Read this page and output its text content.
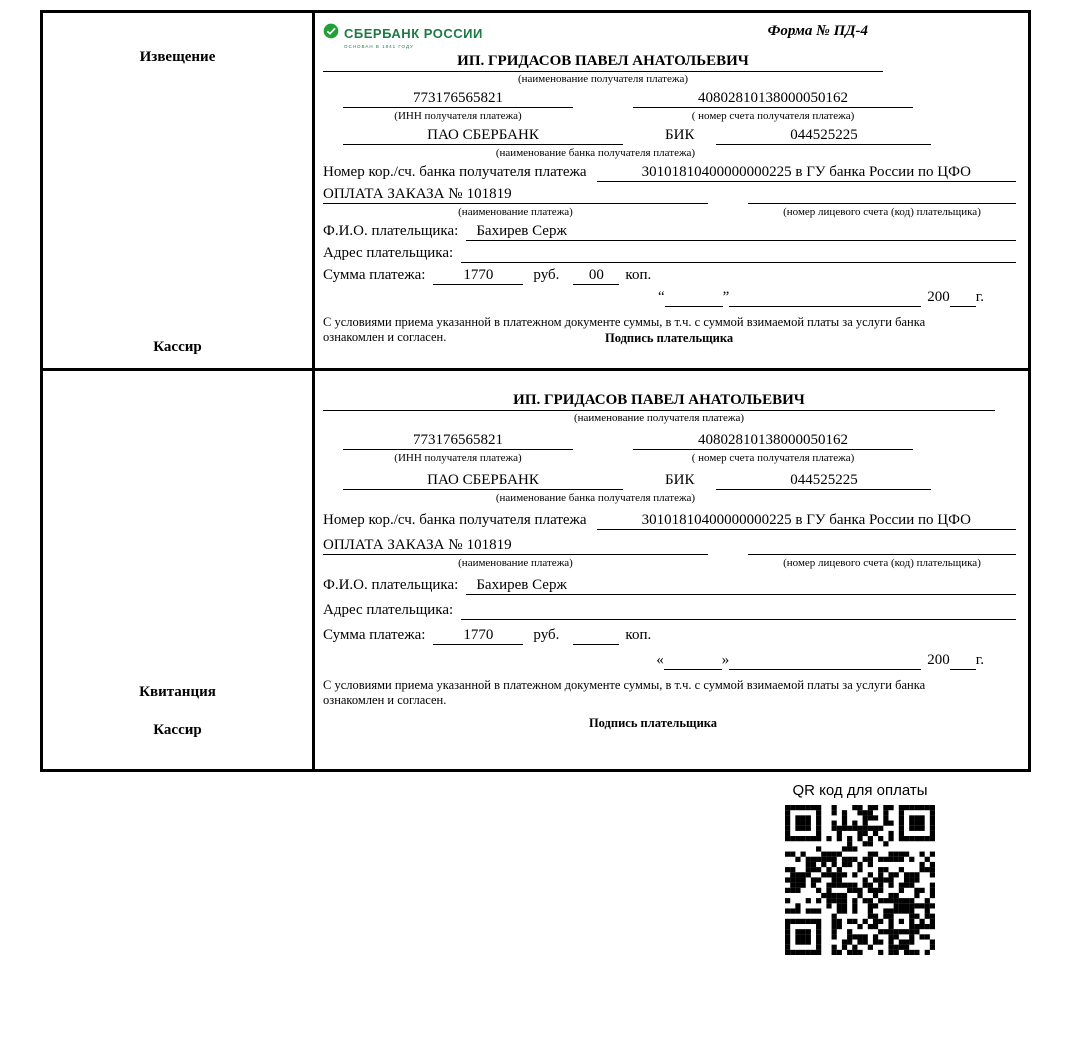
Извещение
Кассир
СБЕРБАНК РОССИИ
ОСНОВАН В 1841 ГОДУ
Форма № ПД-4
ИП. ГРИДАСОВ ПАВЕЛ АНАТОЛЬЕВИЧ
(наименование получателя платежа)
773176565821	40802810138000050162
(ИНН получателя платежа)	( номер счета получателя платежа)
ПАО СБЕРБАНК	БИК	044525225
(наименование банка получателя платежа)
Номер кор./сч. банка получателя платежа	30101810400000000225 в ГУ банка России по ЦФО
ОПЛАТА ЗАКАЗА № 101819
(наименование платежа)	(номер лицевого счета (код) плательщика)
Ф.И.О. плательщика:	Бахирев Серж
Адрес плательщика:
Сумма платежа:	1770	руб.	00	коп.
“	”	200 г.
С условиями приема указанной в платежном документе суммы, в т.ч. с суммой взимаемой платы за услуги банка ознакомлен и согласен.	Подпись плательщика
Квитанция
Кассир
ИП. ГРИДАСОВ ПАВЕЛ АНАТОЛЬЕВИЧ
(наименование получателя платежа)
773176565821	40802810138000050162
(ИНН получателя платежа)	( номер счета получателя платежа)
ПАО СБЕРБАНК	БИК	044525225
(наименование банка получателя платежа)
Номер кор./сч. банка получателя платежа	30101810400000000225 в ГУ банка России по ЦФО
ОПЛАТА ЗАКАЗА № 101819
(наименование платежа)	(номер лицевого счета (код) плательщика)
Ф.И.О. плательщика:	Бахирев Серж
Адрес плательщика:
Сумма платежа:	1770	руб.	коп.
«	»	200 г.
С условиями приема указанной в платежном документе суммы, в т.ч. с суммой взимаемой платы за услуги банка ознакомлен и согласен.
Подпись плательщика
QR код для оплаты
